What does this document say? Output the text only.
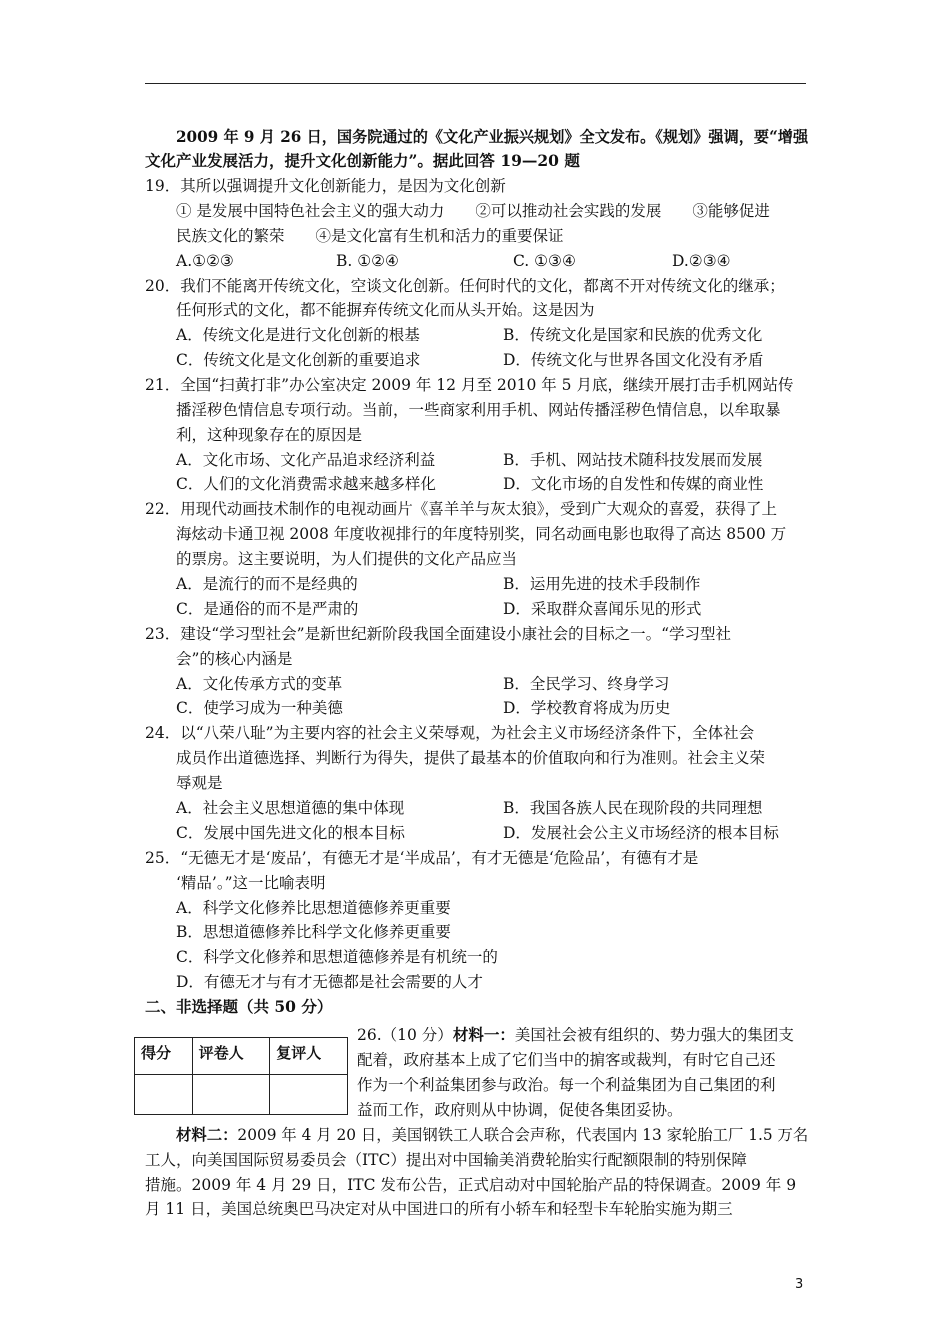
2009 年 9 月 26 日，国务院通过的《文化产业振兴规划》全文发布。《规划》强调，要“增强
文化产业发展活力，提升文化创新能力”。据此回答 19—20 题
19．其所以强调提升文化创新能力，是因为文化创新
① 是发展中国特色社会主义的强大动力　　②可以推动社会实践的发展　　③能够促进
民族文化的繁荣　　④是文化富有生机和活力的重要保证
A.①②③	B. ①②④	C. ①③④	D.②③④
20．我们不能离开传统文化，空谈文化创新。任何时代的文化，都离不开对传统文化的继承；
任何形式的文化，都不能摒弃传统文化而从头开始。这是因为
A．传统文化是进行文化创新的根基	B．传统文化是国家和民族的优秀文化
C．传统文化是文化创新的重要追求	D．传统文化与世界各国文化没有矛盾
21．全国“扫黄打非”办公室决定 2009 年 12 月至 2010 年 5 月底，继续开展打击手机网站传
播淫秽色情信息专项行动。当前，一些商家利用手机、网站传播淫秽色情信息，以牟取暴
利，这种现象存在的原因是
A．文化市场、文化产品追求经济利益	B．手机、网站技术随科技发展而发展
C．人们的文化消费需求越来越多样化	D．文化市场的自发性和传媒的商业性
22．用现代动画技术制作的电视动画片《喜羊羊与灰太狼》，受到广大观众的喜爱，获得了上
海炫动卡通卫视 2008 年度收视排行的年度特别奖，同名动画电影也取得了高达 8500 万
的票房。这主要说明，为人们提供的文化产品应当
A．是流行的而不是经典的	B．运用先进的技术手段制作
C．是通俗的而不是严肃的	D．采取群众喜闻乐见的形式
23．建设“学习型社会”是新世纪新阶段我国全面建设小康社会的目标之一。“学习型社
会”的核心内涵是
A．文化传承方式的变革	B．全民学习、终身学习
C．使学习成为一种美德	D．学校教育将成为历史
24．以“八荣八耻”为主要内容的社会主义荣辱观，为社会主义市场经济条件下，全体社会
成员作出道德选择、判断行为得失，提供了最基本的价值取向和行为准则。社会主义荣
辱观是
A．社会主义思想道德的集中体现	B．我国各族人民在现阶段的共同理想
C．发展中国先进文化的根本目标	D．发展社会公主义市场经济的根本目标
25．“无德无才是‘废品’，有德无才是‘半成品’，有才无德是‘危险品’，有德有才是
‘精品’。”这一比喻表明
A．科学文化修养比思想道德修养更重要
B．思想道德修养比科学文化修养更重要
C．科学文化修养和思想道德修养是有机统一的
D．有德无才与有才无德都是社会需要的人才
二、非选择题（共 50 分）
得分	评卷人	复评人

26.（10 分）材料一：美国社会被有组织的、势力强大的集团支
配着，政府基本上成了它们当中的掮客或裁判，有时它自己还
作为一个利益集团参与政治。每一个利益集团为自己集团的利
益而工作，政府则从中协调，促使各集团妥协。
材料二：2009 年 4 月 20 日，美国钢铁工人联合会声称，代表国内 13 家轮胎工厂 1.5 万名
工人，向美国国际贸易委员会（ITC）提出对中国输美消费轮胎实行配额限制的特别保障
措施。2009 年 4 月 29 日，ITC 发布公告，正式启动对中国轮胎产品的特保调查。2009 年 9
月 11 日，美国总统奥巴马决定对从中国进口的所有小轿车和轻型卡车轮胎实施为期三
3
